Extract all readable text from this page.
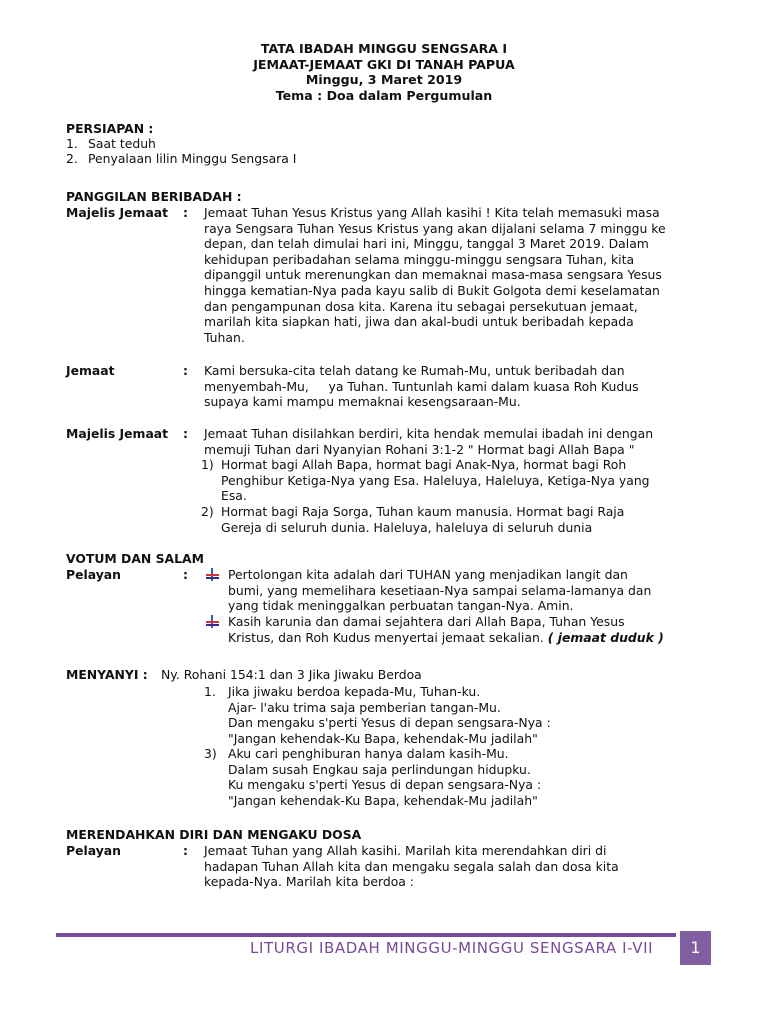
TATA IBADAH MINGGU SENGSARA I
JEMAAT-JEMAAT GKI DI TANAH PAPUA
Minggu, 3 Maret 2019
Tema : Doa dalam Pergumulan
PERSIAPAN :
1. Saat teduh
2. Penyalaan lilin Minggu Sengsara I
PANGGILAN BERIBADAH :
Majelis Jemaat : Jemaat Tuhan Yesus Kristus yang Allah kasihi ! Kita telah memasuki masa
raya Sengsara Tuhan Yesus Kristus yang akan dijalani selama 7 minggu ke
depan, dan telah dimulai hari ini, Minggu, tanggal 3 Maret 2019. Dalam
kehidupan peribadahan selama minggu-minggu sengsara Tuhan, kita
dipanggil untuk merenungkan dan memaknai masa-masa sengsara Yesus
hingga kematian-Nya pada kayu salib di Bukit Golgota demi keselamatan
dan pengampunan dosa kita. Karena itu sebagai persekutuan jemaat,
marilah kita siapkan hati, jiwa dan akal-budi untuk beribadah kepada
Tuhan.
Jemaat	: Kami bersuka-cita telah datang ke Rumah-Mu, untuk beribadah dan
menyembah-Mu,     ya Tuhan. Tuntunlah kami dalam kuasa Roh Kudus
supaya kami mampu memaknai kesengsaraan-Mu.
Majelis Jemaat : Jemaat Tuhan disilahkan berdiri, kita hendak memulai ibadah ini dengan
memuji Tuhan dari Nyanyian Rohani 3:1-2 " Hormat bagi Allah Bapa "
1) Hormat bagi Allah Bapa, hormat bagi Anak-Nya, hormat bagi Roh
Penghibur Ketiga-Nya yang Esa. Haleluya, Haleluya, Ketiga-Nya yang
Esa.
2) Hormat bagi Raja Sorga, Tuhan kaum manusia. Hormat bagi Raja
Gereja di seluruh dunia. Haleluya, haleluya di seluruh dunia
VOTUM DAN SALAM
Pelayan	:	Pertolongan kita adalah dari TUHAN yang menjadikan langit dan
bumi, yang memelihara kesetiaan-Nya sampai selama-lamanya dan
yang tidak meninggalkan perbuatan tangan-Nya. Amin.
Kasih karunia dan damai sejahtera dari Allah Bapa, Tuhan Yesus
Kristus, dan Roh Kudus menyertai jemaat sekalian. ( jemaat duduk )
MENYANYI : Ny. Rohani 154:1 dan 3 Jika Jiwaku Berdoa
1. Jika jiwaku berdoa kepada-Mu, Tuhan-ku.
Ajar- l'aku trima saja pemberian tangan-Mu.
Dan mengaku s'perti Yesus di depan sengsara-Nya :
"Jangan kehendak-Ku Bapa, kehendak-Mu jadilah"
3) Aku cari penghiburan hanya dalam kasih-Mu.
Dalam susah Engkau saja perlindungan hidupku.
Ku mengaku s'perti Yesus di depan sengsara-Nya :
"Jangan kehendak-Ku Bapa, kehendak-Mu jadilah"
MERENDAHKAN DIRI DAN MENGAKU DOSA
Pelayan	: Jemaat Tuhan yang Allah kasihi. Marilah kita merendahkan diri di
hadapan Tuhan Allah kita dan mengaku segala salah dan dosa kita
kepada-Nya. Marilah kita berdoa :
LITURGI IBADAH MINGGU-MINGGU SENGSARA I-VII	1
